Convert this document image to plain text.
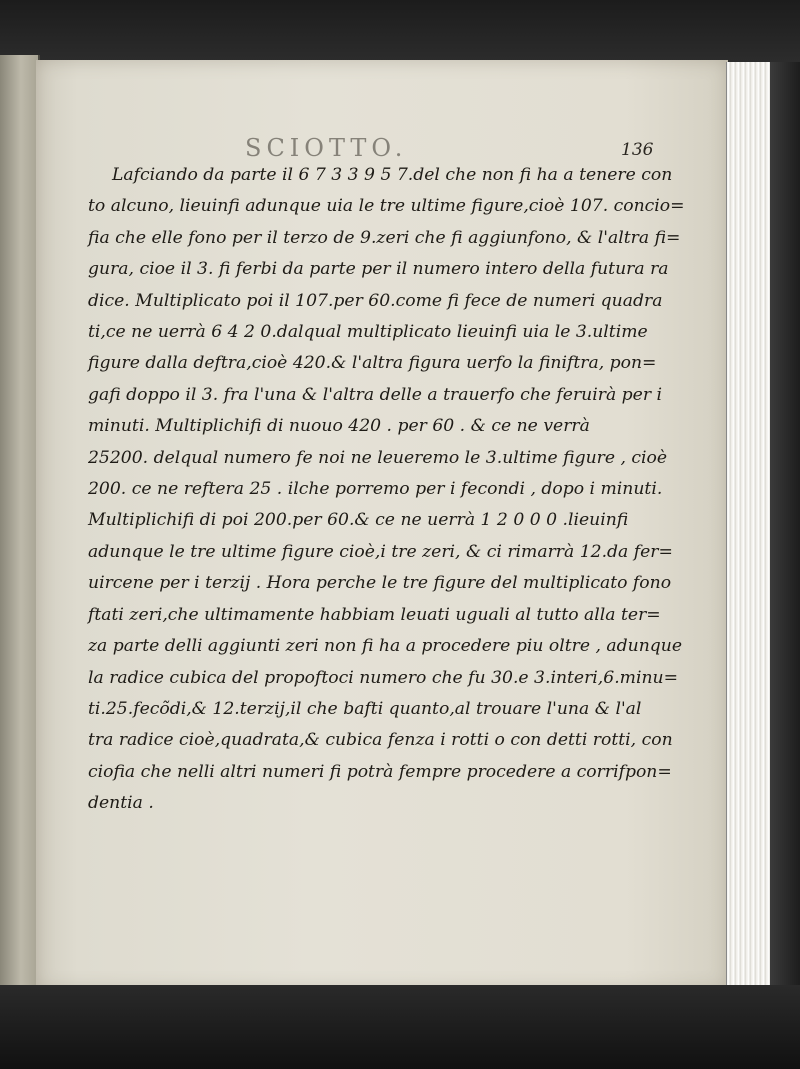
SCIOTTO.	136
Lafciando da parte il 6 7 3 3 9 5 7.del che non fi ha a tenere con
to alcuno, lieuinfi adunque uia le tre ultime figure,cioè 107. concio=
fia che elle fono per il terzo de 9.zeri che fi aggiunfono, & l'altra fi=
gura, cioe il 3. fi ferbi da parte per il numero intero della futura ra
dice. Multiplicato poi il 107.per 60.come fi fece de numeri quadra
ti,ce ne uerrà 6 4 2 0.dalqual multiplicato lieuinfi uia le 3.ultime
figure dalla deftra,cioè 420.& l'altra figura uerfo la finiftra, pon=
gafi doppo il 3. fra l'una & l'altra delle a trauerfo che feruirà per i
minuti. Multiplichifi di nuouo 420 . per 60 . & ce ne verrà
25200. delqual numero fe noi ne leueremo le 3.ultime figure , cioè
200. ce ne reftera 25 . ilche porremo per i fecondi , dopo i minuti.
Multiplichifi di poi 200.per 60.& ce ne uerrà 1 2 0 0 0 .lieuinfi
adunque le tre ultime figure cioè,i tre zeri, & ci rimarrà 12.da fer=
uircene per i terzij . Hora perche le tre figure del multiplicato fono
ftati zeri,che ultimamente habbiam leuati uguali al tutto alla ter=
za parte delli aggiunti zeri non fi ha a procedere piu oltre , adunque
la radice cubica del propoftoci numero che fu 30.e 3.interi,6.minu=
ti.25.fecõdi,& 12.terzij,il che bafti quanto,al trouare l'una & l'al
tra radice cioè,quadrata,& cubica fenza i rotti o con detti rotti, con
ciofia che nelli altri numeri fi potrà fempre procedere a corrifpon=
dentia .
